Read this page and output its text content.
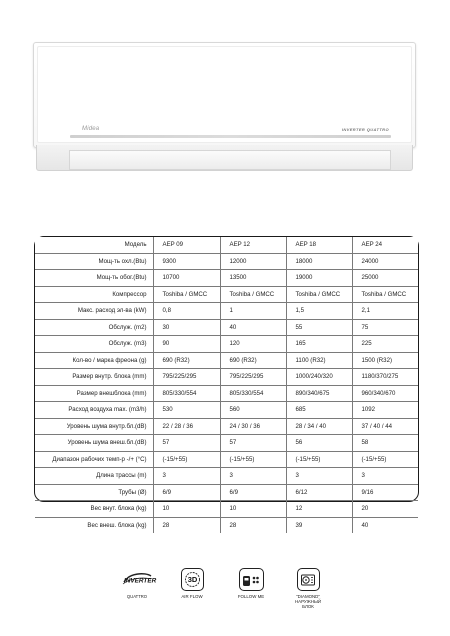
Midea	INVERTER QUATTRO
Модель	AEP 09	AEP 12	AEP 18	AEP 24
Мощ-ть охл.(Btu)	9300	12000	18000	24000
Мощ-ть обог.(Btu)	10700	13500	19000	25000
Компрессор	Toshiba / GMCC	Toshiba / GMCC	Toshiba / GMCC	Toshiba / GMCC
Макс. расход эл-ва (kW)	0,8	1	1,5	2,1
Обслуж. (m2)	30	40	55	75
Обслуж. (m3)	90	120	165	225
Кол-во / марка фреона (g)	690 (R32)	690 (R32)	1100 (R32)	1500 (R32)
Размер внутр. блока (mm)	795/225/295	795/225/295	1000/240/320	1180/370/275
Размер внешблока (mm)	805/330/554	805/330/554	890/340/675	960/340/670
Расход воздуха max. (m3/h)	530	560	685	1092
Уровень шума внутр.бл.(dB)	22 / 28 / 36	24 / 30 / 36	28 / 34 / 40	37 / 40 / 44
Уровень шума внеш.бл.(dB)	57	57	56	58
Диапазон рабочих темп-р -/+ (°C)	(-15/+55)	(-15/+55)	(-15/+55)	(-15/+55)
Длина трассы (m)	3	3	3	3
Трубы (Ø)	6/9	6/9	6/12	9/16
Вес внут. блока (kg)	10	10	12	20
Вес внеш. блока (kg)	28	28	39	40
INVERTER
QUATTRO
3D
AIR FLOW	FOLLOW ME	"DIAMOND"
НАРУЖНЫЙ
БЛОК
